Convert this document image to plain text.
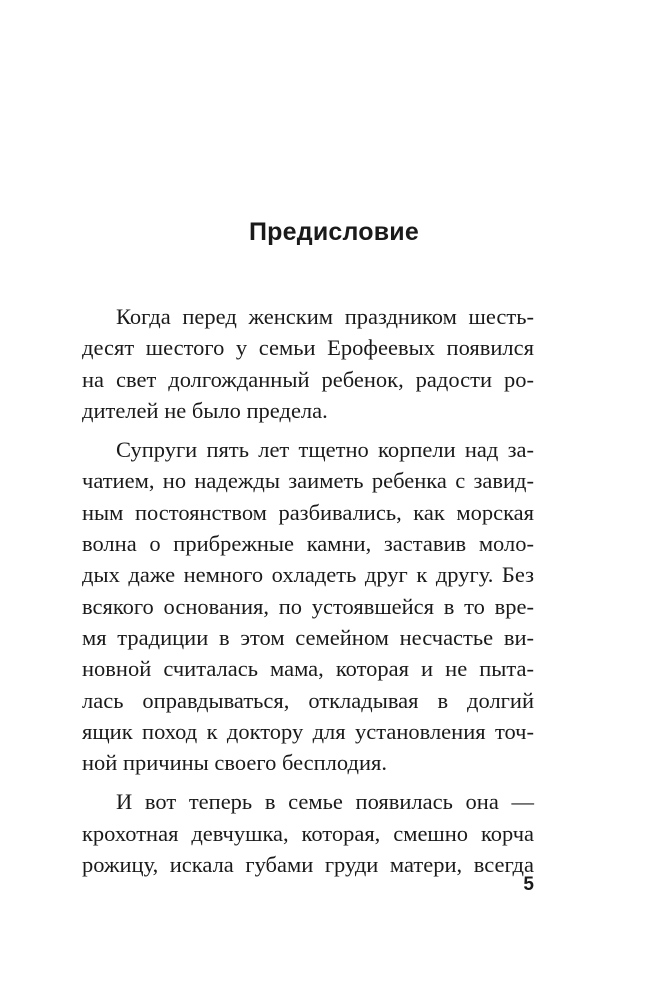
Предисловие
Когда перед женским праздником шесть-
десят шестого у семьи Ерофеевых появился
на свет долгожданный ребенок, радости ро-
дителей не было предела.
Супруги пять лет тщетно корпели над за-
чатием, но надежды заиметь ребенка с завид-
ным постоянством разбивались, как морская
волна о прибрежные камни, заставив моло-
дых даже немного охладеть друг к другу. Без
всякого основания, по устоявшейся в то вре-
мя традиции в этом семейном несчастье ви-
новной считалась мама, которая и не пыта-
лась оправдываться, откладывая в долгий
ящик поход к доктору для установления точ-
ной причины своего бесплодия.
И вот теперь в семье появилась она —
крохотная девчушка, которая, смешно корча
рожицу, искала губами груди матери, всегда
5
